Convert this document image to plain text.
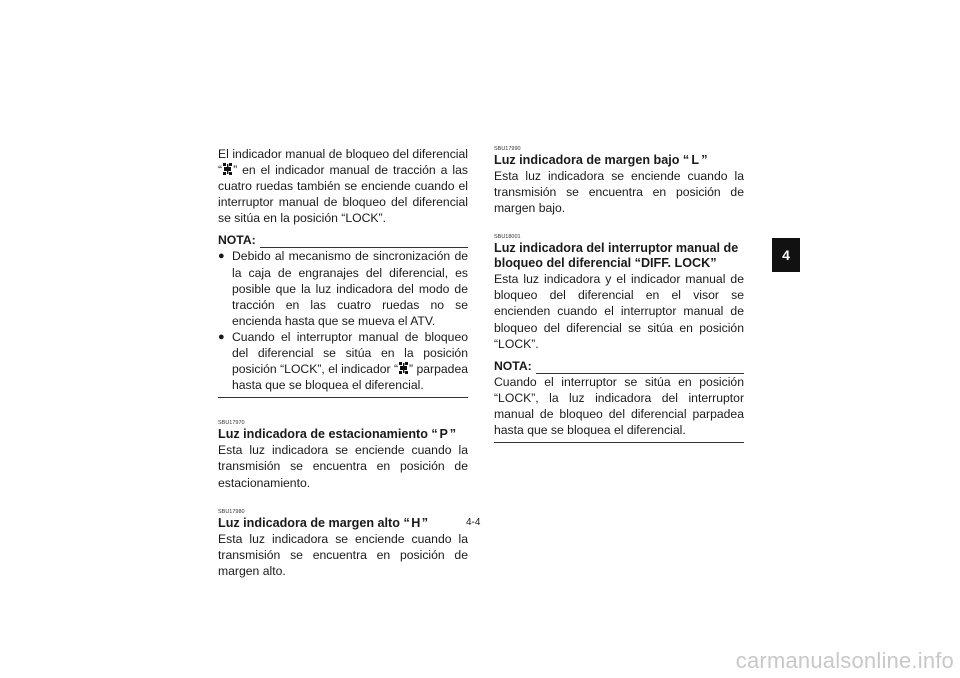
El indicador manual de bloqueo del diferencial “ ” en el indicador manual de tracción a las cuatro ruedas también se enciende cuando el interruptor manual de bloqueo del diferencial se sitúa en la posición “LOCK”.

NOTA:
● Debido al mecanismo de sincronización de la caja de engranajes del diferencial, es posible que la luz indicadora del modo de tracción en las cuatro ruedas no se encienda hasta que se mueva el ATV.
● Cuando el interruptor manual de bloqueo del diferencial se sitúa en la posición posición “LOCK”, el indicador “ ” parpadea hasta que se bloquea el diferencial.
SBU17970
Luz indicadora de estacionamiento “ P ”

Esta luz indicadora se enciende cuando la transmisión se encuentra en posición de estacionamiento.

SBU17980
Luz indicadora de margen alto “H”

Esta luz indicadora se enciende cuando la transmisión se encuentra en posición de margen alto.

SBU17990
Luz indicadora de margen bajo “ L ”

Esta luz indicadora se enciende cuando la transmisión se encuentra en posición de margen bajo.

SBU18001
Luz indicadora del interruptor manual de bloqueo del diferencial “DIFF. LOCK”

Esta luz indicadora y el indicador manual de bloqueo del diferencial en el visor se encienden cuando el interruptor manual de bloqueo del diferencial se sitúa en posición “LOCK”.

NOTA:

Cuando el interruptor se sitúa en posición “LOCK”, la luz indicadora del interruptor manual de bloqueo del diferencial parpadea hasta que se bloquea el diferencial.

4
4-4
carmanualsonline.info
